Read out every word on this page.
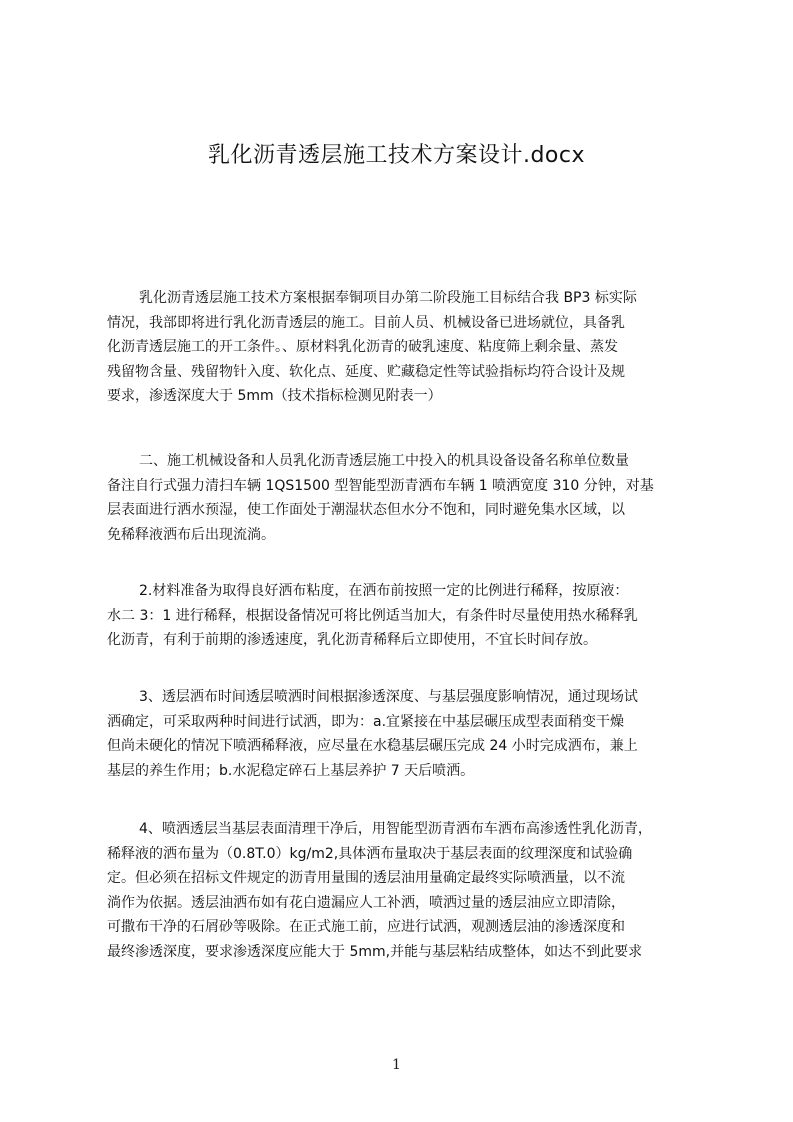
乳化沥青透层施工技术方案设计.docx
乳化沥青透层施工技术方案根据奉铜项目办第二阶段施工目标结合我 BP3 标实际
情况，我部即将进行乳化沥青透层的施工。目前人员、机械设备已进场就位，具备乳
化沥青透层施工的开工条件。、原材料乳化沥青的破乳速度、粘度筛上剩余量、蒸发
残留物含量、残留物针入度、软化点、延度、贮藏稳定性等试验指标均符合设计及规
要求，渗透深度大于 5mm（技术指标检测见附表一）
二、施工机械设备和人员乳化沥青透层施工中投入的机具设备设备名称单位数量
备注自行式强力清扫车辆 1QS1500 型智能型沥青洒布车辆 1 喷洒宽度 310 分钟，对基
层表面进行洒水预湿，使工作面处于潮湿状态但水分不饱和，同时避免集水区域，以
免稀释液洒布后出现流淌。
2.材料准备为取得良好洒布粘度，在洒布前按照一定的比例进行稀释，按原液：
水二 3：1 进行稀释，根据设备情况可将比例适当加大，有条件时尽量使用热水稀释乳
化沥青，有利于前期的渗透速度，乳化沥青稀释后立即使用，不宜长时间存放。
3、透层洒布时间透层喷洒时间根据渗透深度、与基层强度影响情况，通过现场试
洒确定，可采取两种时间进行试洒，即为：a.宜紧接在中基层碾压成型表面稍变干燥
但尚未硬化的情况下喷洒稀释液，应尽量在水稳基层碾压完成 24 小时完成洒布，兼上
基层的养生作用；b.水泥稳定碎石上基层养护 7 天后喷洒。
4、喷洒透层当基层表面清理干净后，用智能型沥青洒布车洒布高渗透性乳化沥青，
稀释液的洒布量为（0.8T.0）kg/m2,具体洒布量取决于基层表面的纹理深度和试验确
定。但必须在招标文件规定的沥青用量围的透层油用量确定最终实际喷洒量，以不流
淌作为依据。透层油洒布如有花白遗漏应人工补洒，喷洒过量的透层油应立即清除，
可撒布干净的石屑砂等吸除。在正式施工前，应进行试洒，观测透层油的渗透深度和
最终渗透深度，要求渗透深度应能大于 5mm,并能与基层粘结成整体，如达不到此要求
1
